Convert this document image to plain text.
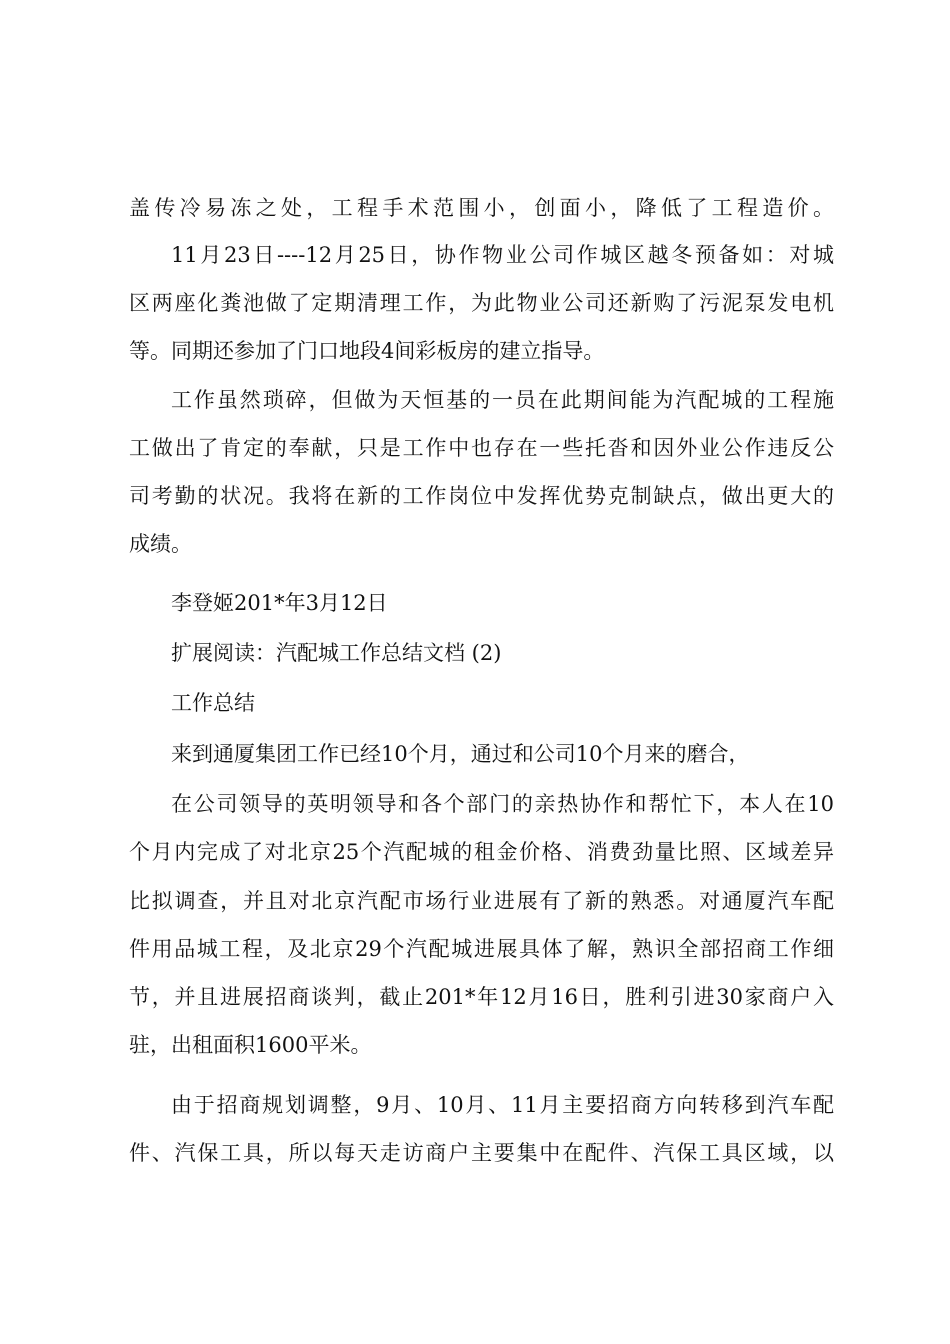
盖传冷易冻之处，工程手术范围小，创面小，降低了工程造价。
11月23日----12月25日，协作物业公司作城区越冬预备如：对城
区两座化粪池做了定期清理工作，为此物业公司还新购了污泥泵发电机
等。同期还参加了门口地段4间彩板房的建立指导。
工作虽然琐碎，但做为天恒基的一员在此期间能为汽配城的工程施
工做出了肯定的奉献，只是工作中也存在一些托沓和因外业公作违反公
司考勤的状况。我将在新的工作岗位中发挥优势克制缺点，做出更大的
成绩。
李登姬201*年3月12日
扩展阅读：汽配城工作总结文档 (2)
工作总结
来到通厦集团工作已经10个月，通过和公司10个月来的磨合，
在公司领导的英明领导和各个部门的亲热协作和帮忙下，本人在10
个月内完成了对北京25个汽配城的租金价格、消费劲量比照、区域差异
比拟调查，并且对北京汽配市场行业进展有了新的熟悉。对通厦汽车配
件用品城工程，及北京29个汽配城进展具体了解，熟识全部招商工作细
节，并且进展招商谈判，截止201*年12月16日，胜利引进30家商户入
驻，出租面积1600平米。
由于招商规划调整，9月、10月、11月主要招商方向转移到汽车配
件、汽保工具，所以每天走访商户主要集中在配件、汽保工具区域，以
